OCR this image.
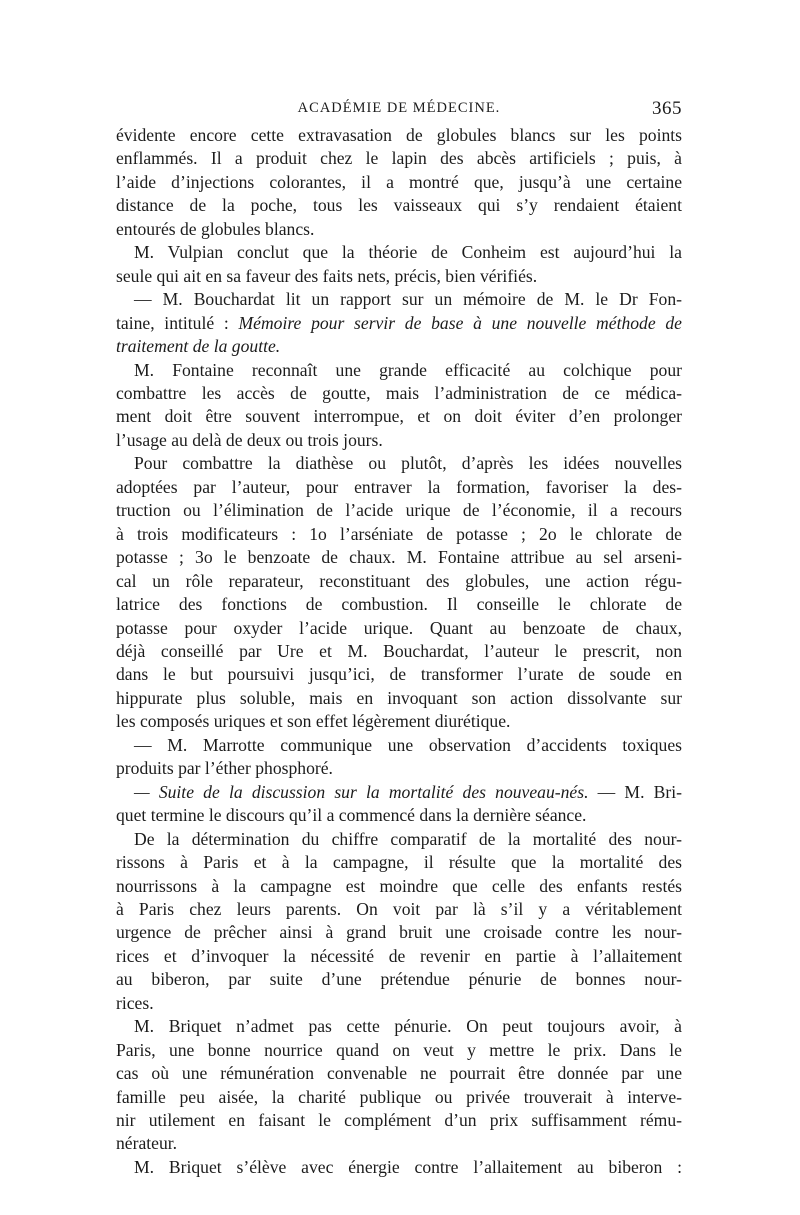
ACADÉMIE DE MÉDECINE.	365
évidente encore cette extravasation de globules blancs sur les points
enflammés. Il a produit chez le lapin des abcès artificiels ; puis, à
l’aide d’injections colorantes, il a montré que, jusqu’à une certaine
distance de la poche, tous les vaisseaux qui s’y rendaient étaient
entourés de globules blancs.
M. Vulpian conclut que la théorie de Conheim est aujourd’hui la
seule qui ait en sa faveur des faits nets, précis, bien vérifiés.
— M. Bouchardat lit un rapport sur un mémoire de M. le Dr Fon-
taine, intitulé : Mémoire pour servir de base à une nouvelle méthode de
traitement de la goutte.
M. Fontaine reconnaît une grande efficacité au colchique pour
combattre les accès de goutte, mais l’administration de ce médica-
ment doit être souvent interrompue, et on doit éviter d’en prolonger
l’usage au delà de deux ou trois jours.
Pour combattre la diathèse ou plutôt, d’après les idées nouvelles
adoptées par l’auteur, pour entraver la formation, favoriser la des-
truction ou l’élimination de l’acide urique de l’économie, il a recours
à trois modificateurs : 1o l’arséniate de potasse ; 2o le chlorate de
potasse ; 3o le benzoate de chaux. M. Fontaine attribue au sel arseni-
cal un rôle reparateur, reconstituant des globules, une action régu-
latrice des fonctions de combustion. Il conseille le chlorate de
potasse pour oxyder l’acide urique. Quant au benzoate de chaux,
déjà conseillé par Ure et M. Bouchardat, l’auteur le prescrit, non
dans le but poursuivi jusqu’ici, de transformer l’urate de soude en
hippurate plus soluble, mais en invoquant son action dissolvante sur
les composés uriques et son effet légèrement diurétique.
— M. Marrotte communique une observation d’accidents toxiques
produits par l’éther phosphoré.
— Suite de la discussion sur la mortalité des nouveau-nés. — M. Bri-
quet termine le discours qu’il a commencé dans la dernière séance.
De la détermination du chiffre comparatif de la mortalité des nour-
rissons à Paris et à la campagne, il résulte que la mortalité des
nourrissons à la campagne est moindre que celle des enfants restés
à Paris chez leurs parents. On voit par là s’il y a véritablement
urgence de prêcher ainsi à grand bruit une croisade contre les nour-
rices et d’invoquer la nécessité de revenir en partie à l’allaitement
au biberon, par suite d’une prétendue pénurie de bonnes nour-
rices.
M. Briquet n’admet pas cette pénurie. On peut toujours avoir, à
Paris, une bonne nourrice quand on veut y mettre le prix. Dans le
cas où une rémunération convenable ne pourrait être donnée par une
famille peu aisée, la charité publique ou privée trouverait à interve-
nir utilement en faisant le complément d’un prix suffisamment rému-
nérateur.
M. Briquet s’élève avec énergie contre l’allaitement au biberon :
